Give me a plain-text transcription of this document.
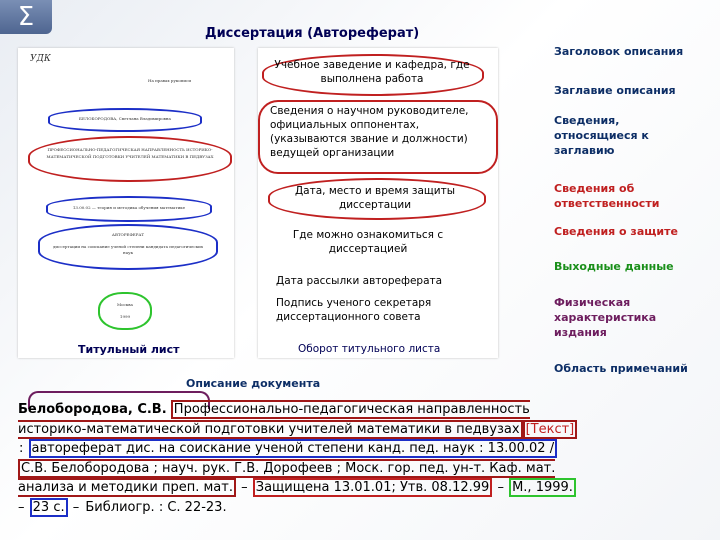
Σ
Диссертация (Автореферат)
УДК
На правах рукописи
БЕЛОБОРОДОВА, Светлана Владимировна
ПРОФЕССИОНАЛЬНО-ПЕДАГОГИЧЕСКАЯ НАПРАВЛЕННОСТЬ ИСТОРИКО-МАТЕМАТИЧЕСКОЙ ПОДГОТОВКИ УЧИТЕЛЕЙ МАТЕМАТИКИ В ПЕДВУЗАХ
13.00.02 — теория и методика обучения математике
АВТОРЕФЕРАТ
диссертации на соискание ученой степени кандидата педагогических наук
Москва
1999
Титульный лист
Учебное заведение и кафедра, где выполнена работа
Сведения о научном руководителе, официальных оппонентах, (указываются звание и должности) ведущей организации
Дата, место и время защиты диссертации
Где можно ознакомиться с диссертацией
Дата рассылки автореферата
Подпись ученого секретаря диссертационного совета
Оборот титульного листа
Заголовок описания
Заглавие описания
Сведения, относящиеся к заглавию
Сведения об ответственности
Сведения о защите
Выходные данные
Физическая характеристика издания
Область примечаний
Описание документа
Белобородова, С.В. Профессионально-педагогическая направленность историко-математической подготовки учителей математики в педвузах [Текст] : автореферат дис. на соискание ученой степени канд. пед. наук : 13.00.02 / С.В. Белобородова ; науч. рук. Г.В. Дорофеев ; Моск. гор. пед. ун-т. Каф. мат. анализа и методики преп. мат. – Защищена 13.01.01; Утв. 08.12.99 – М., 1999. – 23 с. – Библиогр. : С. 22-23.
